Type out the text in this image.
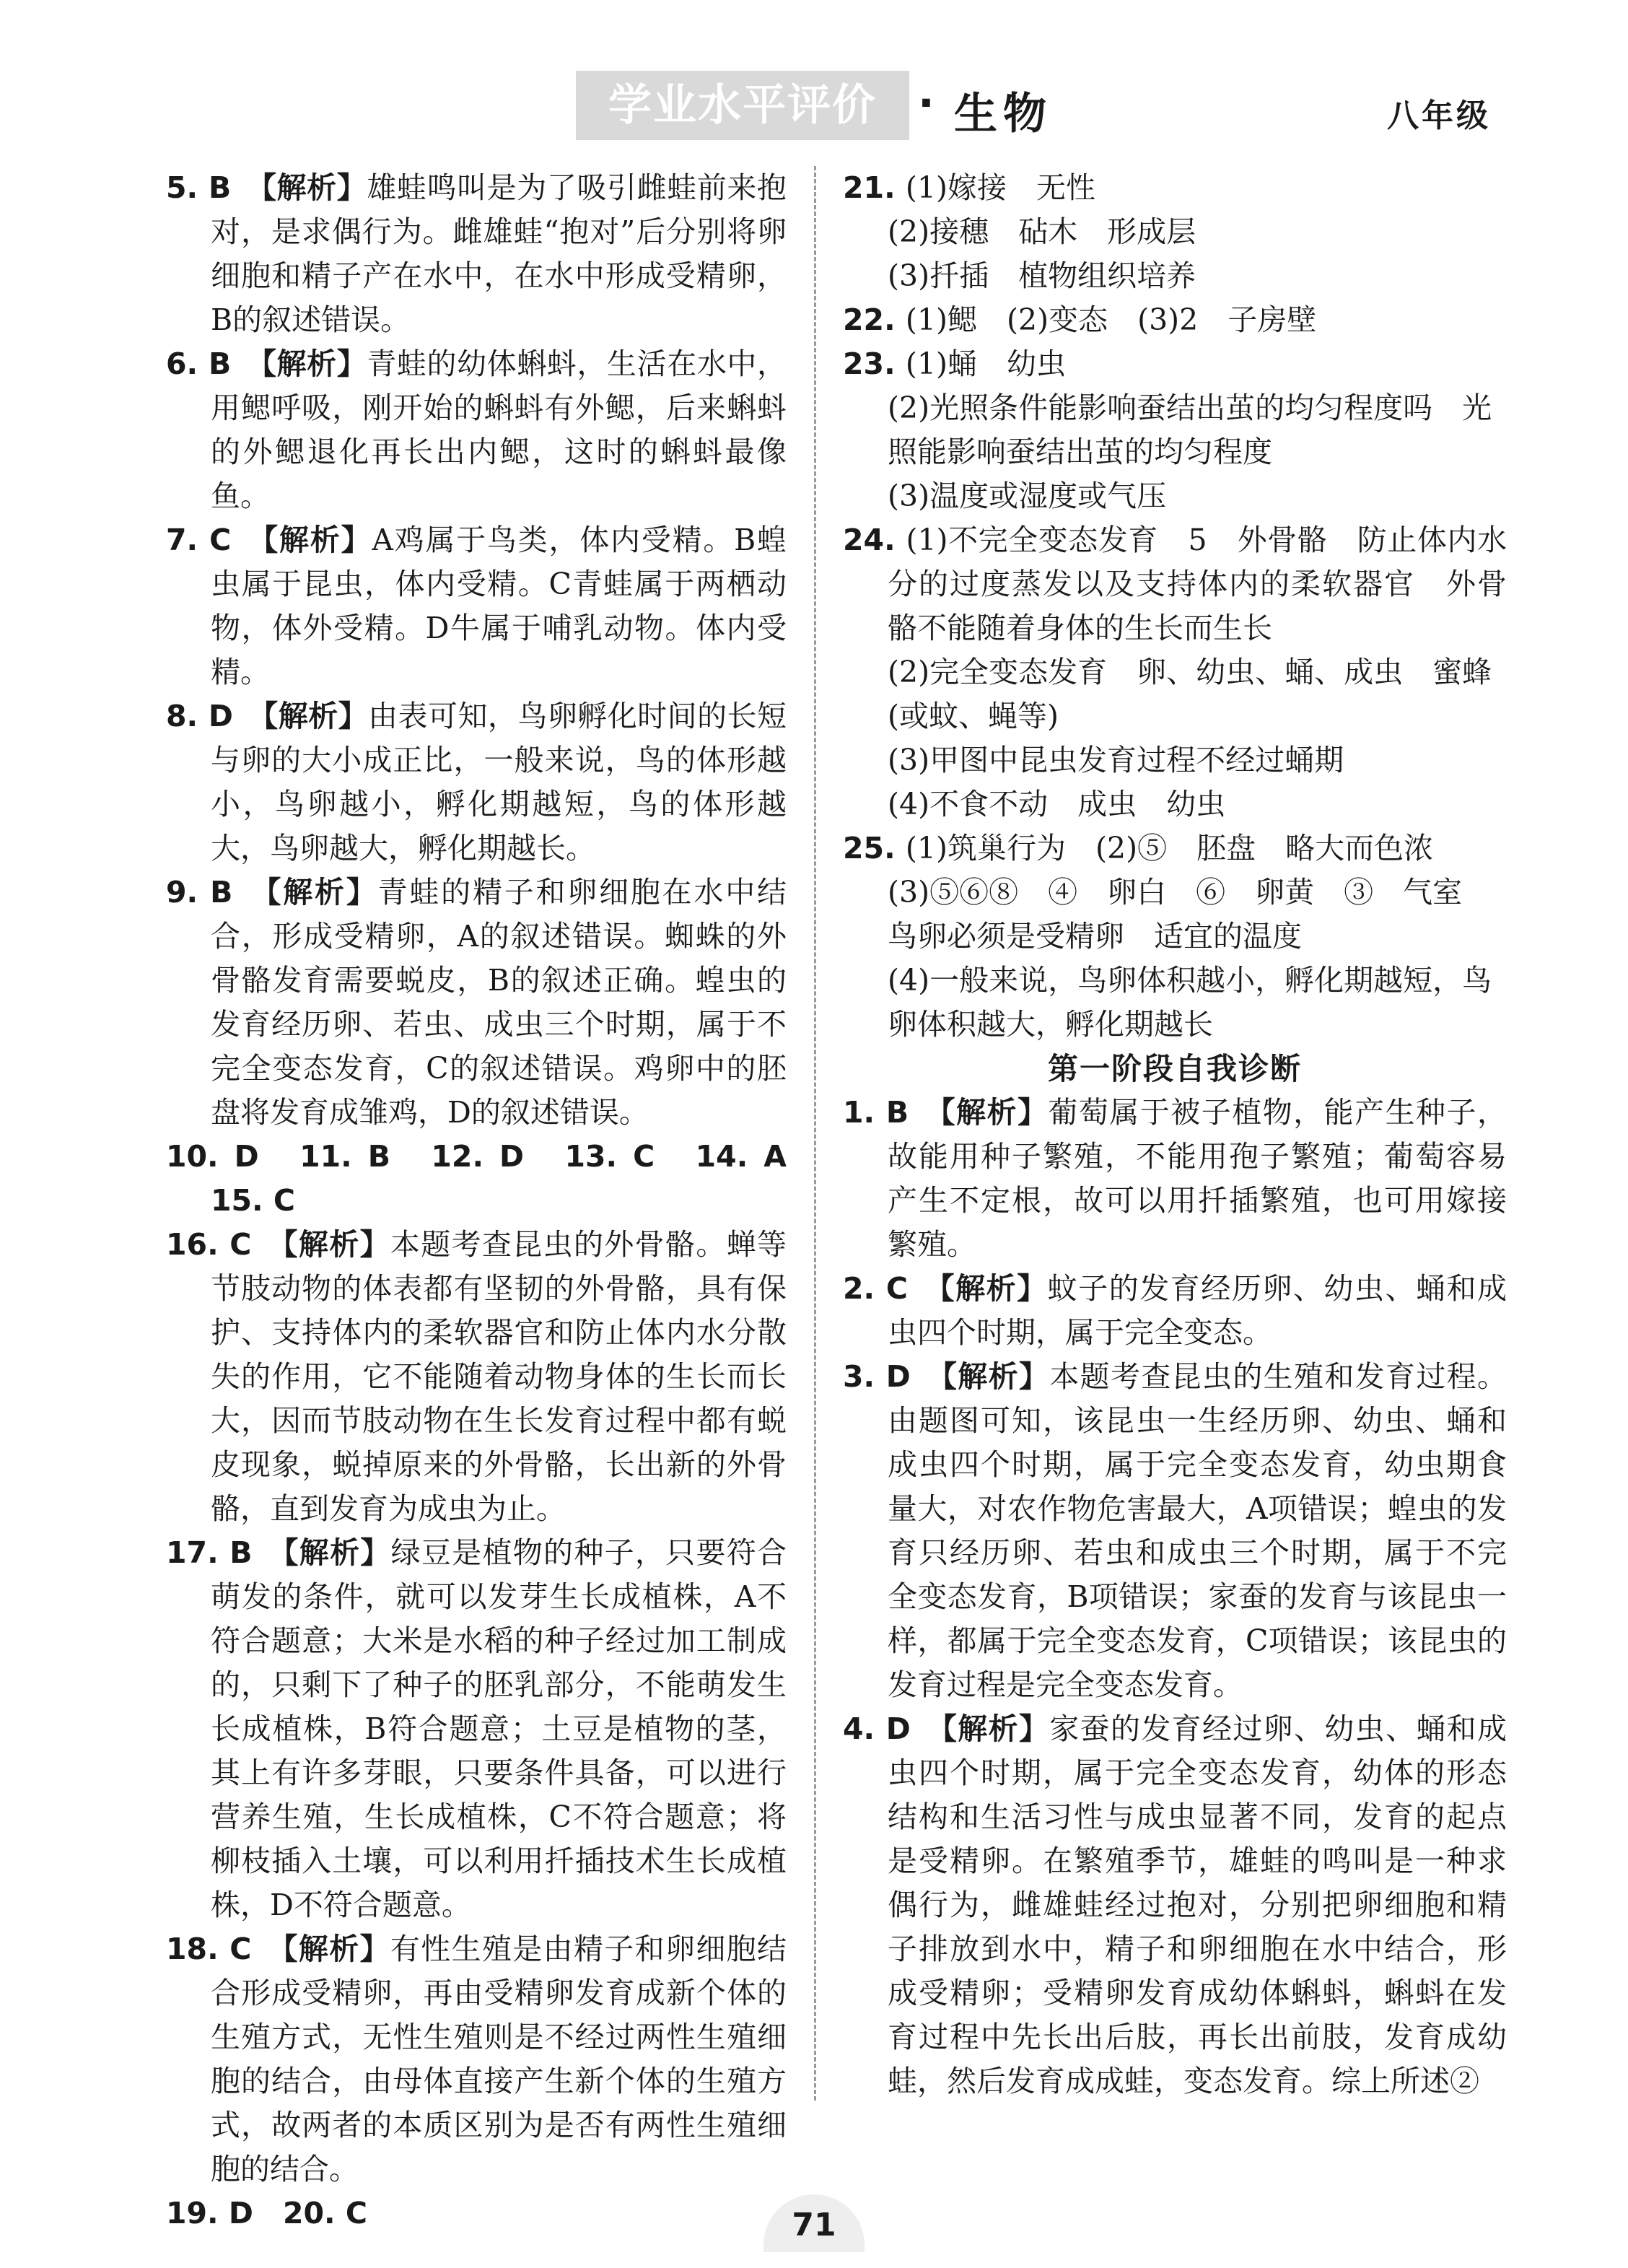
学业水平评价 · 生物	八年级
5. B　 【解析】雄蛙鸣叫是为了吸引雌蛙前来抱对，是求偶行为。雌雄蛙“抱对”后分别将卵细胞和精子产在水中，在水中形成受精卵，B的叙述错误。
6. B　 【解析】青蛙的幼体蝌蚪，生活在水中，用鳃呼吸，刚开始的蝌蚪有外鳃，后来蝌蚪的外鳃退化再长出内鳃，这时的蝌蚪最像鱼。
7. C　 【解析】A鸡属于鸟类，体内受精。B蝗虫属于昆虫，体内受精。C青蛙属于两栖动物，体外受精。D牛属于哺乳动物。体内受精。
8. D　 【解析】由表可知，鸟卵孵化时间的长短与卵的大小成正比，一般来说，鸟的体形越小，鸟卵越小，孵化期越短，鸟的体形越大，鸟卵越大，孵化期越长。
9. B　 【解析】青蛙的精子和卵细胞在水中结合，形成受精卵，A的叙述错误。蜘蛛的外骨骼发育需要蜕皮，B的叙述正确。蝗虫的发育经历卵、若虫、成虫三个时期，属于不完全变态发育，C的叙述错误。鸡卵中的胚盘将发育成雏鸡，D的叙述错误。
10. D　11. B　12. D　13. C　14. A　15. C
16. C　 【解析】本题考查昆虫的外骨骼。蝉等节肢动物的体表都有坚韧的外骨骼，具有保护、支持体内的柔软器官和防止体内水分散失的作用，它不能随着动物身体的生长而长大，因而节肢动物在生长发育过程中都有蜕皮现象，蜕掉原来的外骨骼，长出新的外骨骼，直到发育为成虫为止。
17. B　 【解析】绿豆是植物的种子，只要符合萌发的条件，就可以发芽生长成植株，A不符合题意；大米是水稻的种子经过加工制成的，只剩下了种子的胚乳部分，不能萌发生长成植株，B符合题意；土豆是植物的茎，其上有许多芽眼，只要条件具备，可以进行营养生殖，生长成植株，C不符合题意；将柳枝插入土壤，可以利用扦插技术生长成植株，D不符合题意。
18. C　 【解析】有性生殖是由精子和卵细胞结合形成受精卵，再由受精卵发育成新个体的生殖方式，无性生殖则是不经过两性生殖细胞的结合，由母体直接产生新个体的生殖方式，故两者的本质区别为是否有两性生殖细胞的结合。
19. D　20. C
21. (1)嫁接　无性
(2)接穗　砧木　形成层
(3)扦插　植物组织培养
22. (1)鳃　(2)变态　(3)2　子房壁
23. (1)蛹　幼虫
(2)光照条件能影响蚕结出茧的均匀程度吗　光照能影响蚕结出茧的均匀程度
(3)温度或湿度或气压
24. (1)不完全变态发育　5　外骨骼　防止体内水分的过度蒸发以及支持体内的柔软器官　外骨骼不能随着身体的生长而生长
(2)完全变态发育　卵、幼虫、蛹、成虫　蜜蜂(或蚊、蝇等)
(3)甲图中昆虫发育过程不经过蛹期
(4)不食不动　成虫　幼虫
25. (1)筑巢行为　(2)⑤　胚盘　略大而色浓
(3)⑤⑥⑧　④　卵白　⑥　卵黄　③　气室　鸟卵必须是受精卵　适宜的温度
(4)一般来说，鸟卵体积越小，孵化期越短，鸟卵体积越大，孵化期越长
第一阶段自我诊断
1. B　 【解析】葡萄属于被子植物，能产生种子，故能用种子繁殖，不能用孢子繁殖；葡萄容易产生不定根，故可以用扦插繁殖，也可用嫁接繁殖。
2. C　 【解析】蚊子的发育经历卵、幼虫、蛹和成虫四个时期，属于完全变态。
3. D　 【解析】本题考查昆虫的生殖和发育过程。由题图可知，该昆虫一生经历卵、幼虫、蛹和成虫四个时期，属于完全变态发育，幼虫期食量大，对农作物危害最大，A项错误；蝗虫的发育只经历卵、若虫和成虫三个时期，属于不完全变态发育，B项错误；家蚕的发育与该昆虫一样，都属于完全变态发育，C项错误；该昆虫的发育过程是完全变态发育。
4. D　 【解析】家蚕的发育经过卵、幼虫、蛹和成虫四个时期，属于完全变态发育，幼体的形态结构和生活习性与成虫显著不同，发育的起点是受精卵。在繁殖季节，雄蛙的鸣叫是一种求偶行为，雌雄蛙经过抱对，分别把卵细胞和精子排放到水中，精子和卵细胞在水中结合，形成受精卵；受精卵发育成幼体蝌蚪，蝌蚪在发育过程中先长出后肢，再长出前肢，发育成幼蛙，然后发育成成蛙，变态发育。综上所述②
71
